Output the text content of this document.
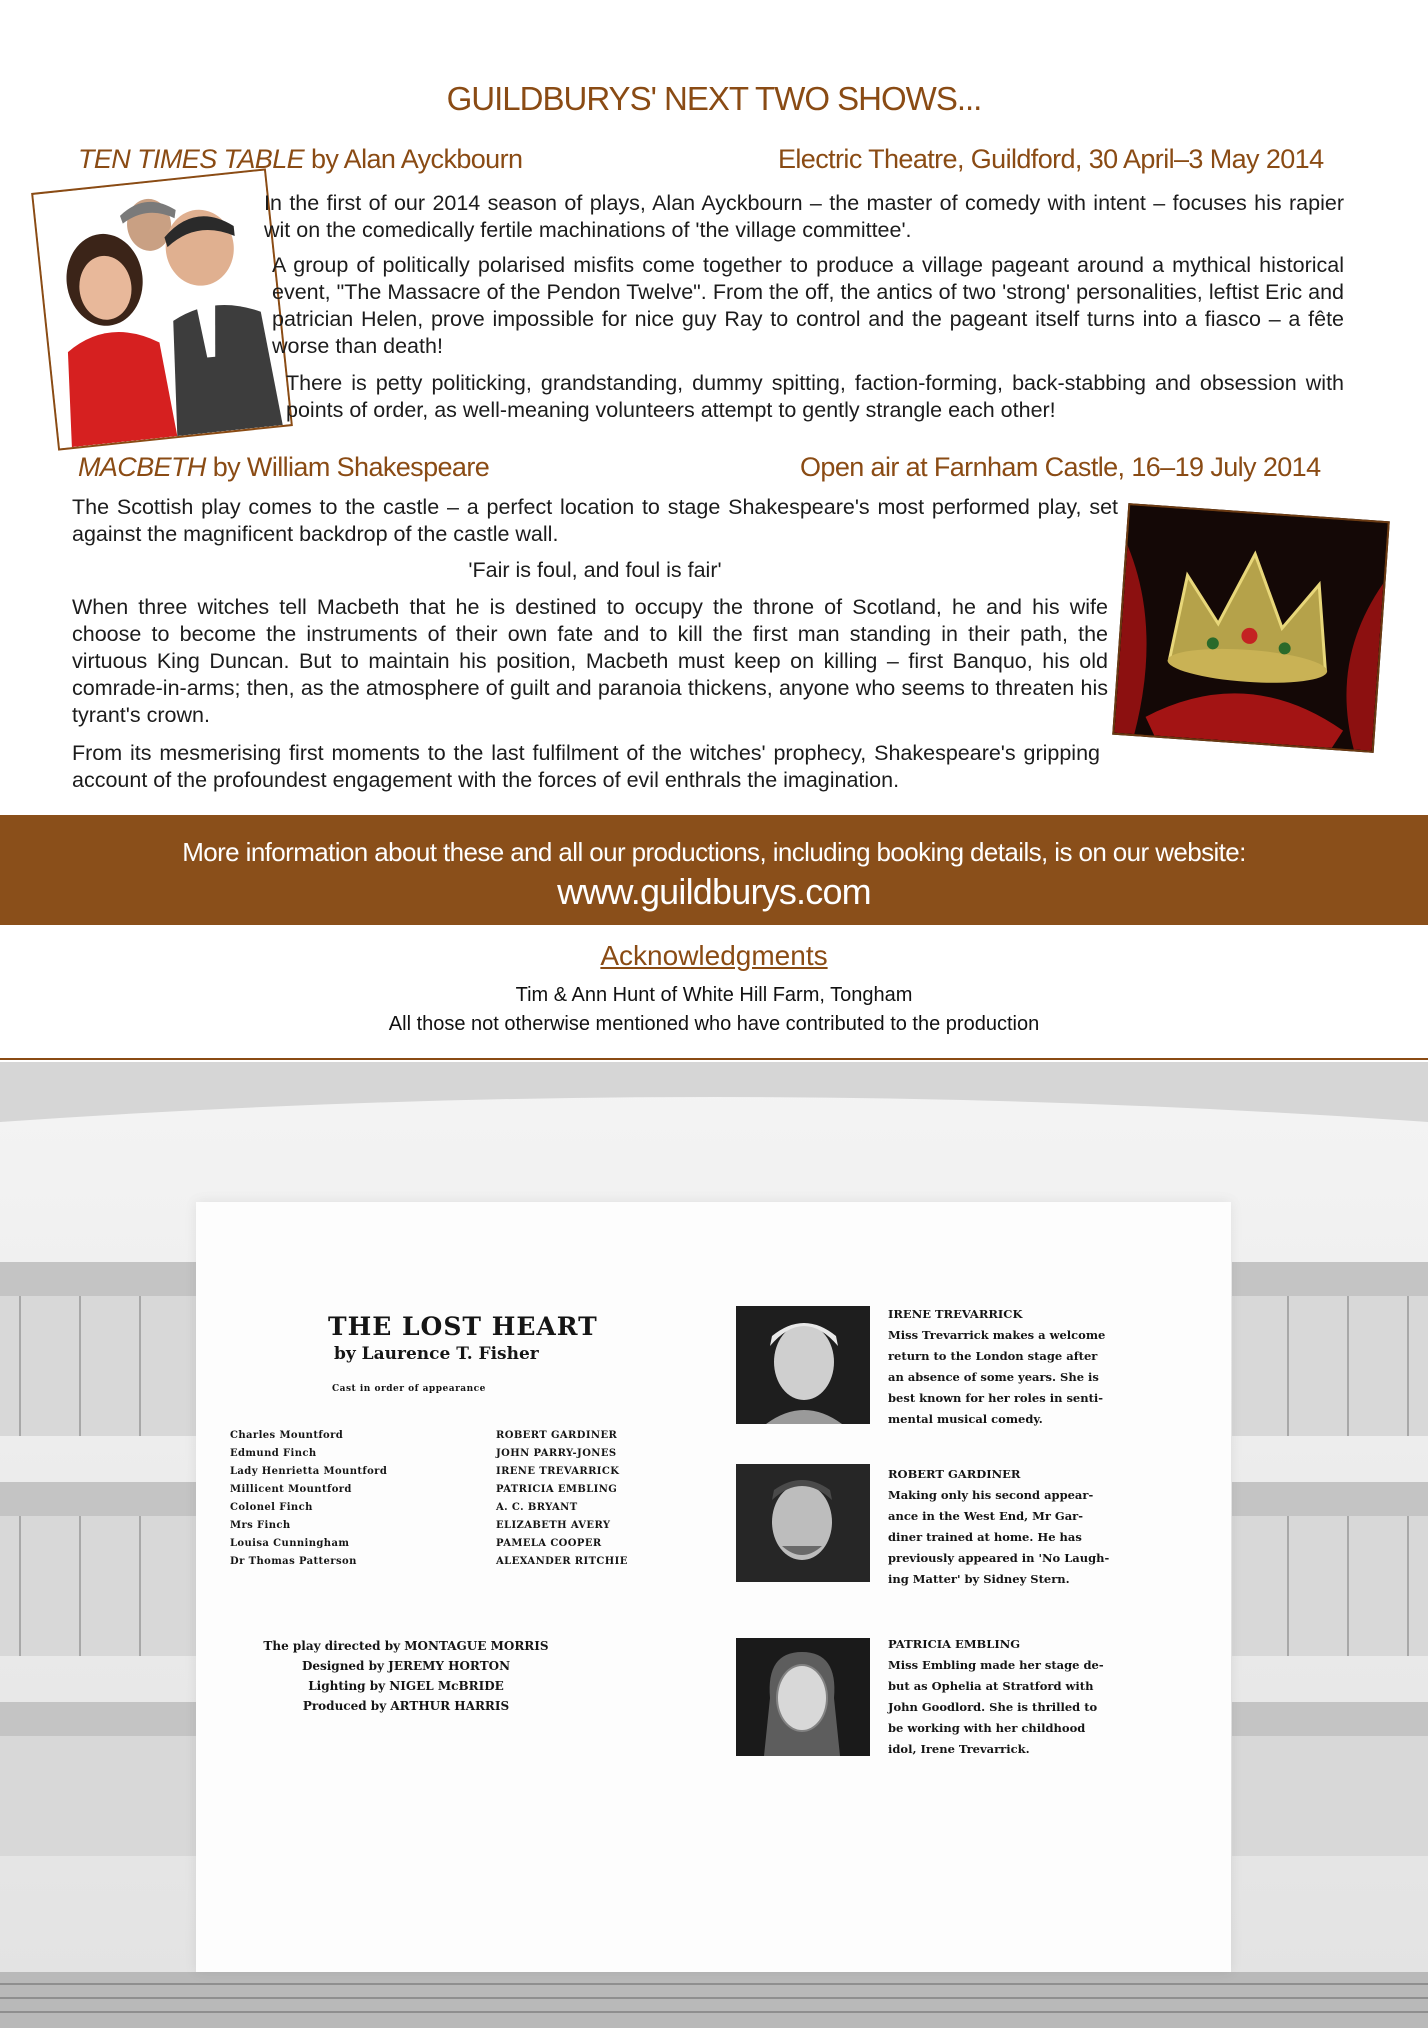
GUILDBURYS' NEXT TWO SHOWS...
TEN TIMES TABLE by Alan Ayckbourn	Electric Theatre, Guildford, 30 April–3 May 2014

In the first of our 2014 season of plays, Alan Ayckbourn – the master of comedy with intent – focuses his rapier wit on the comedically fertile machinations of 'the village committee'.

A group of politically polarised misfits come together to produce a village pageant around a mythical historical event, "The Massacre of the Pendon Twelve". From the off, the antics of two 'strong' personalities, leftist Eric and patrician Helen, prove impossible for nice guy Ray to control and the pageant itself turns into a fiasco – a fête worse than death!

There is petty politicking, grandstanding, dummy spitting, faction-forming, back-stabbing and obsession with points of order, as well-meaning volunteers attempt to gently strangle each other!

MACBETH by William Shakespeare	Open air at Farnham Castle, 16–19 July 2014

The Scottish play comes to the castle – a perfect location to stage Shakespeare's most performed play, set against the magnificent backdrop of the castle wall.

'Fair is foul, and foul is fair'

When three witches tell Macbeth that he is destined to occupy the throne of Scotland, he and his wife choose to become the instruments of their own fate and to kill the first man standing in their path, the virtuous King Duncan. But to maintain his position, Macbeth must keep on killing – first Banquo, his old comrade-in-arms; then, as the atmosphere of guilt and paranoia thickens, anyone who seems to threaten his tyrant's crown.

From its mesmerising first moments to the last fulfilment of the witches' prophecy, Shakespeare's gripping account of the profoundest engagement with the forces of evil enthrals the imagination.

More information about these and all our productions, including booking details, is on our website:
www.guildburys.com
Acknowledgments
Tim & Ann Hunt of White Hill Farm, Tongham
All those not otherwise mentioned who have contributed to the production
THE LOST HEART
by Laurence T. Fisher
Cast in order of appearance
Charles Mountford	ROBERT GARDINER
Edmund Finch	JOHN PARRY-JONES
Lady Henrietta Mountford	IRENE TREVARRICK
Millicent Mountford	PATRICIA EMBLING
Colonel Finch	A. C. BRYANT
Mrs Finch	ELIZABETH AVERY
Louisa Cunningham	PAMELA COOPER
Dr Thomas Patterson	ALEXANDER RITCHIE
The play directed by MONTAGUE MORRIS
Designed by JEREMY HORTON
Lighting by NIGEL McBRIDE
Produced by ARTHUR HARRIS
IRENE TREVARRICK
Miss Trevarrick makes a welcome
return to the London stage after
an absence of some years. She is
best known for her roles in senti-
mental musical comedy.
ROBERT GARDINER
Making only his second appear-
ance in the West End, Mr Gar-
diner trained at home. He has
previously appeared in 'No Laugh-
ing Matter' by Sidney Stern.
PATRICIA EMBLING
Miss Embling made her stage de-
but as Ophelia at Stratford with
John Goodlord. She is thrilled to
be working with her childhood
idol, Irene Trevarrick.
